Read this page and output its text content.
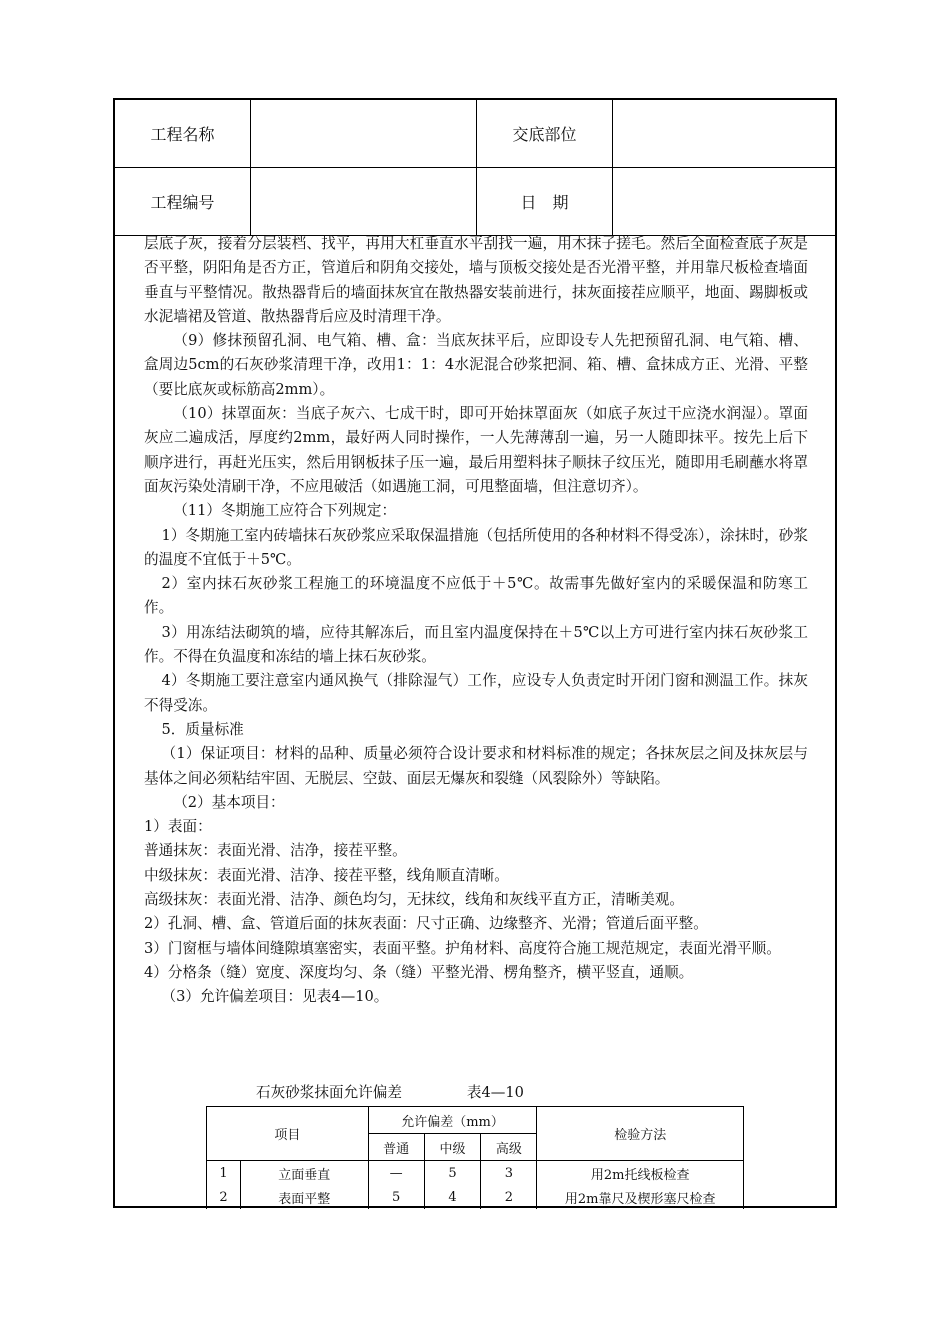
工程名称	交底部位
工程编号	日　期

层底子灰，接着分层装档、找平，再用大杠垂直水平刮找一遍，用木抹子搓毛。然后全面检查底子灰是否平整，阴阳角是否方正，管道后和阴角交接处，墙与顶板交接处是否光滑平整，并用靠尺板检查墙面垂直与平整情况。散热器背后的墙面抹灰宜在散热器安装前进行，抹灰面接茬应顺平，地面、踢脚板或水泥墙裙及管道、散热器背后应及时清理干净。

（9）修抹预留孔洞、电气箱、槽、盒：当底灰抹平后，应即设专人先把预留孔洞、电气箱、槽、盒周边5cm的石灰砂浆清理干净，改用1：1：4水泥混合砂浆把洞、箱、槽、盒抹成方正、光滑、平整（要比底灰或标筋高2mm）。

（10）抹罩面灰：当底子灰六、七成干时，即可开始抹罩面灰（如底子灰过干应浇水润湿）。罩面灰应二遍成活，厚度约2mm，最好两人同时操作，一人先薄薄刮一遍，另一人随即抹平。按先上后下顺序进行，再赶光压实，然后用钢板抹子压一遍，最后用塑料抹子顺抹子纹压光，随即用毛刷蘸水将罩面灰污染处清刷干净，不应甩破活（如遇施工洞，可甩整面墙，但注意切齐）。

（11）冬期施工应符合下列规定：

1）冬期施工室内砖墙抹石灰砂浆应采取保温措施（包括所使用的各种材料不得受冻），涂抹时，砂浆的温度不宜低于＋5℃。

2）室内抹石灰砂浆工程施工的环境温度不应低于＋5℃。故需事先做好室内的采暖保温和防寒工作。

3）用冻结法砌筑的墙，应待其解冻后，而且室内温度保持在＋5℃以上方可进行室内抹石灰砂浆工作。不得在负温度和冻结的墙上抹石灰砂浆。

4）冬期施工要注意室内通风换气（排除湿气）工作，应设专人负责定时开闭门窗和测温工作。抹灰不得受冻。

5．质量标准

（1）保证项目：材料的品种、质量必须符合设计要求和材料标准的规定；各抹灰层之间及抹灰层与基体之间必须粘结牢固、无脱层、空鼓、面层无爆灰和裂缝（风裂除外）等缺陷。

（2）基本项目：

1）表面：

普通抹灰：表面光滑、洁净，接茬平整。

中级抹灰：表面光滑、洁净、接茬平整，线角顺直清晰。

高级抹灰：表面光滑、洁净、颜色均匀，无抹纹，线角和灰线平直方正，清晰美观。

2）孔洞、槽、盒、管道后面的抹灰表面：尺寸正确、边缘整齐、光滑；管道后面平整。

3）门窗框与墙体间缝隙填塞密实，表面平整。护角材料、高度符合施工规范规定，表面光滑平顺。

4）分格条（缝）宽度、深度均匀、条（缝）平整光滑、楞角整齐，横平竖直，通顺。

（3）允许偏差项目：见表4—10。

石灰砂浆抹面允许偏差	表4—10
项目		允许偏差（mm）			检验方法
		普通	中级	高级	
1	立面垂直	—	5	3	用2m托线板检查
2	表面平整	5	4	2	用2m靠尺及楔形塞尺检查
